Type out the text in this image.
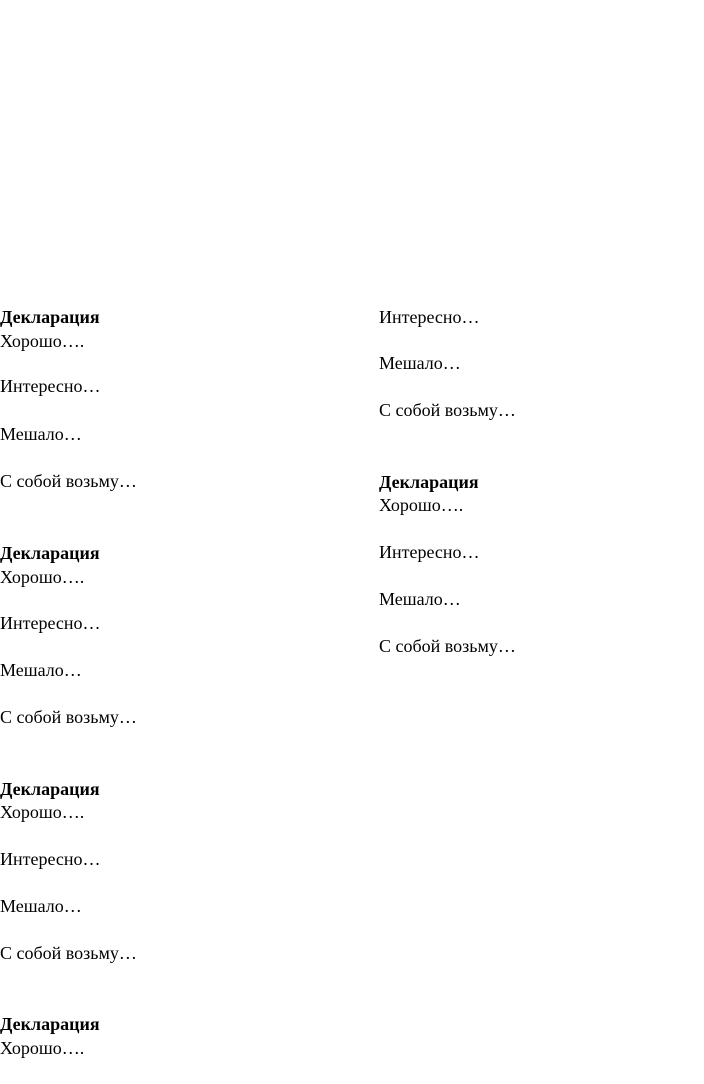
Декларация
Хорошо….
Интересно…
Мешало…
С собой возьму…
Декларация
Хорошо….
Интересно…
Мешало…
С собой возьму…
Декларация
Хорошо….
Интересно…
Мешало…
С собой возьму…
Декларация
Хорошо….
Интересно…
Мешало…
С собой возьму…
Декларация
Хорошо….
Интересно…
Мешало…
С собой возьму…
